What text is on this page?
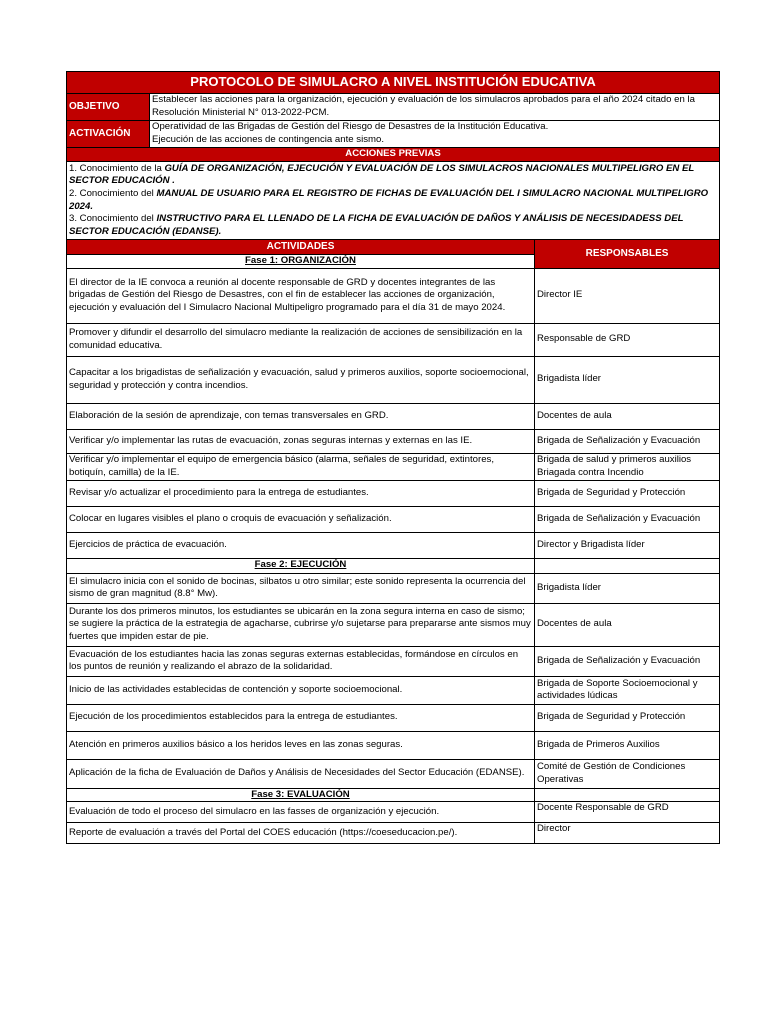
PROTOCOLO DE SIMULACRO A NIVEL INSTITUCIÓN EDUCATIVA		
OBJETIVO	Establecer las acciones para la organización, ejecución y evaluación de los simulacros aprobados para el año 2024 citado en la Resolución Ministerial N° 013-2022-PCM.	
ACTIVACIÓN	Operatividad de las Brigadas de Gestión del Riesgo de Desastres de la Institución Educativa.
Ejecución de las acciones de contingencia ante sismo.	

ACCIONES PREVIAS		

1. Conocimiento de la GUÍA DE ORGANIZACIÓN, EJECUCIÓN Y EVALUACIÓN DE LOS SIMULACROS NACIONALES MULTIPELIGRO EN EL SECTOR EDUCACIÓN .

2. Conocimiento del MANUAL DE USUARIO PARA EL REGISTRO DE FICHAS DE EVALUACIÓN DEL I SIMULACRO NACIONAL MULTIPELIGRO 2024.

3. Conocimiento del INSTRUCTIVO PARA EL LLENADO DE LA FICHA DE EVALUACIÓN DE DAÑOS Y ANÁLISIS DE NECESIDADESS DEL SECTOR EDUCACIÓN (EDANSE).		

ACTIVIDADES		RESPONSABLES
Fase 1: ORGANIZACIÓN		
El director de la IE convoca a reunión al docente responsable de GRD y docentes integrantes de las brigadas de Gestión del Riesgo de Desastres, con el fin de establecer las acciones de organización, ejecución y evaluación del I Simulacro Nacional Multipeligro programado para el día 31 de mayo 2024.		Director IE
Promover y difundir el desarrollo del simulacro mediante la realización de acciones de sensibilización en la comunidad educativa.		Responsable de GRD
Capacitar a los brigadistas de señalización y evacuación, salud y primeros auxilios, soporte socioemocional, seguridad y protección y contra incendios.		Brigadista líder
Elaboración de la sesión de aprendizaje, con temas transversales en GRD.		Docentes de aula
Verificar y/o implementar las rutas de evacuación, zonas seguras internas y externas en las IE.		Brigada de Señalización y Evacuación
Verificar y/o implementar el equipo de emergencia básico (alarma, señales de seguridad, extintores, botiquín, camilla) de la IE.		Brigada de salud y primeros auxilios Briagada contra Incendio
Revisar y/o actualizar el procedimiento para la entrega de estudiantes.		Brigada de Seguridad y Protección
Colocar en lugares visibles el plano o croquis de evacuación y señalización.		Brigada de Señalización y Evacuación
Ejercicios de práctica de evacuación.		Director y Brigadista líder
Fase 2: EJECUCIÓN		
El simulacro inicia con el sonido de bocinas, silbatos u otro similar; este sonido representa la ocurrencia del sismo de gran magnitud (8.8° Mw).		Brigadista líder
Durante los dos primeros minutos, los estudiantes se ubicarán en la zona segura interna en caso de sismo; se sugiere la práctica de la estrategia de agacharse, cubrirse y/o sujetarse para prepararse ante sismos muy fuertes que impiden estar de pie.		Docentes de aula
Evacuación de los estudiantes hacia las zonas seguras externas establecidas, formándose en círculos en los puntos de reunión y realizando el abrazo de la solidaridad.		Brigada de Señalización y Evacuación
Inicio de las actividades establecidas de contención y soporte socioemocional.		Brigada de Soporte Socioemocional y actividades lúdicas
Ejecución de los procedimientos establecidos para la entrega de estudiantes.		Brigada de Seguridad y Protección
Atención en primeros auxilios básico a los heridos leves en las zonas seguras.		Brigada de Primeros Auxilios
Aplicación de la ficha de Evaluación de Daños y Análisis de Necesidades del Sector Educación (EDANSE).		Comité de Gestión de Condiciones Operativas
Fase 3: EVALUACIÓN		
Evaluación de todo el proceso del simulacro en las fasses de organización y ejecución.		Docente Responsable de GRD
Reporte de evaluación a través del Portal del COES educación (https://coeseducacion.pe/).		Director
